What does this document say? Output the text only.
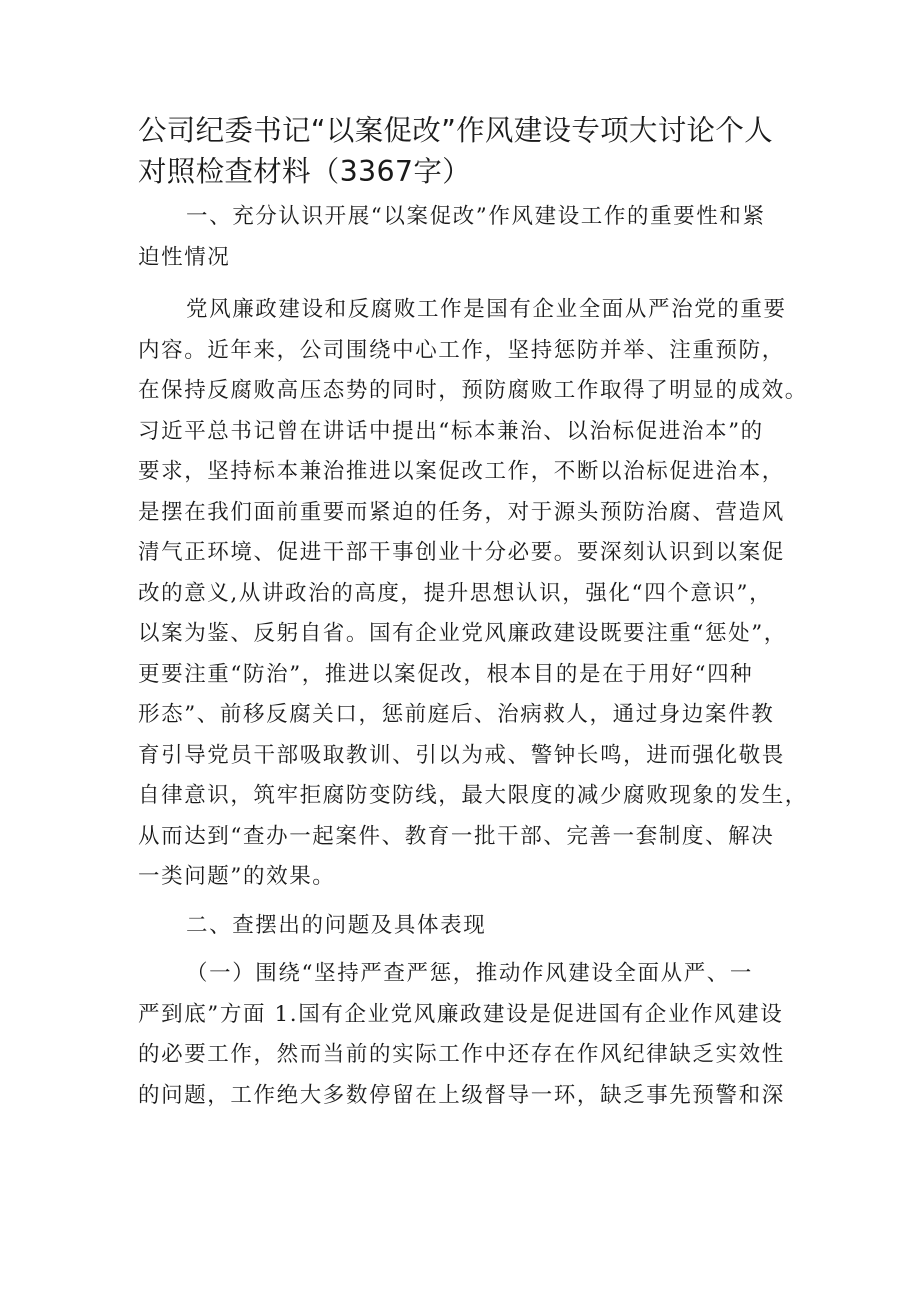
公司纪委书记“以案促改”作风建设专项大讨论个人
对照检查材料（3367字）
一、充分认识开展“以案促改”作风建设工作的重要性和紧
迫性情况
党风廉政建设和反腐败工作是国有企业全面从严治党的重要
内容。近年来，公司围绕中心工作，坚持惩防并举、注重预防，
在保持反腐败高压态势的同时，预防腐败工作取得了明显的成效。
习近平总书记曾在讲话中提出“标本兼治、以治标促进治本”的
要求，坚持标本兼治推进以案促改工作，不断以治标促进治本，
是摆在我们面前重要而紧迫的任务，对于源头预防治腐、营造风
清气正环境、促进干部干事创业十分必要。要深刻认识到以案促
改的意义,从讲政治的高度，提升思想认识，强化“四个意识”，
以案为鉴、反躬自省。国有企业党风廉政建设既要注重“惩处”，
更要注重“防治”，推进以案促改，根本目的是在于用好“四种
形态”、前移反腐关口，惩前庭后、治病救人，通过身边案件教
育引导党员干部吸取教训、引以为戒、警钟长鸣，进而强化敬畏
自律意识，筑牢拒腐防变防线，最大限度的减少腐败现象的发生，
从而达到“查办一起案件、教育一批干部、完善一套制度、解决
一类问题”的效果。
二、查摆出的问题及具体表现
（一）围绕“坚持严查严惩，推动作风建设全面从严、一
严到底”方面 1.国有企业党风廉政建设是促进国有企业作风建设
的必要工作，然而当前的实际工作中还存在作风纪律缺乏实效性
的问题，工作绝大多数停留在上级督导一环，缺乏事先预警和深
